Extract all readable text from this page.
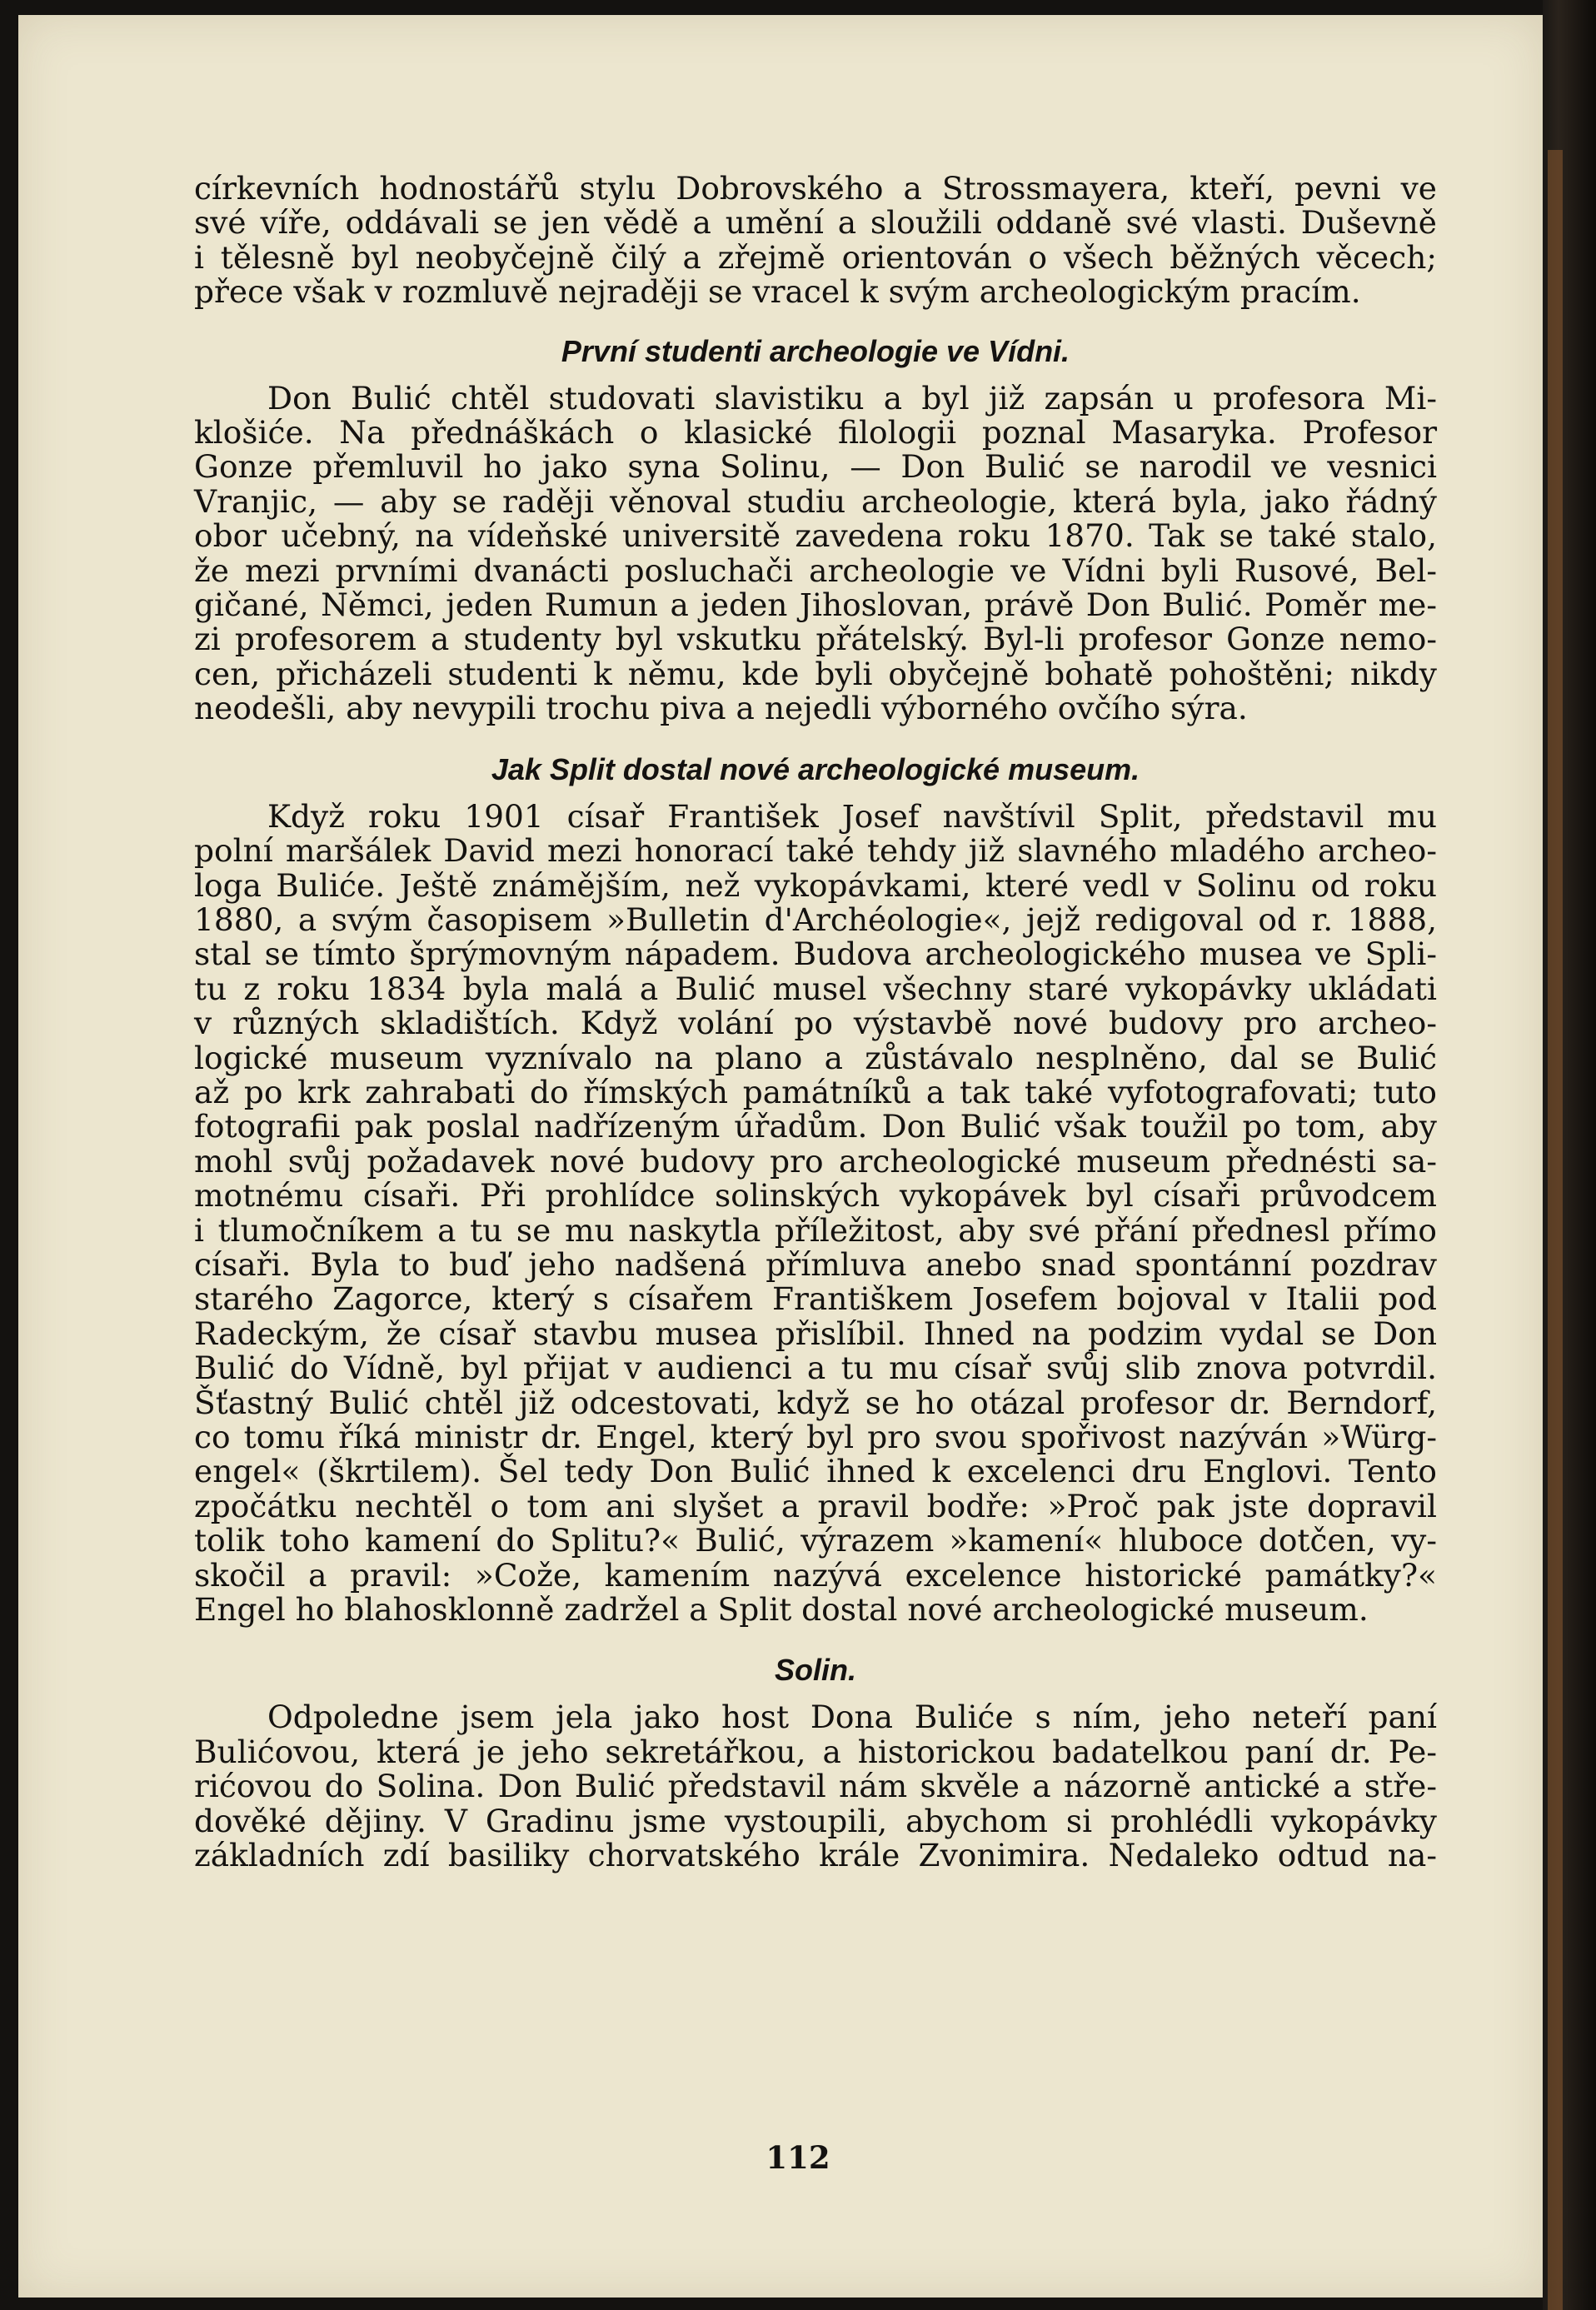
církevních hodnostářů stylu Dobrovského a Strossmayera, kteří, pevni ve
své víře, oddávali se jen vědě a umění a sloužili oddaně své vlasti. Duševně
i tělesně byl neobyčejně čilý a zřejmě orientován o všech běžných věcech;
přece však v rozmluvě nejraději se vracel k svým archeologickým pracím.

První studenti archeologie ve Vídni.

Don Bulić chtěl studovati slavistiku a byl již zapsán u profesora Mi-
klošiće. Na přednáškách o klasické filologii poznal Masaryka. Profesor
Gonze přemluvil ho jako syna Solinu, — Don Bulić se narodil ve vesnici
Vranjic, — aby se raději věnoval studiu archeologie, která byla, jako řádný
obor učebný, na vídeňské universitě zavedena roku 1870. Tak se také stalo,
že mezi prvními dvanácti posluchači archeologie ve Vídni byli Rusové, Bel-
gičané, Němci, jeden Rumun a jeden Jihoslovan, právě Don Bulić. Poměr me-
zi profesorem a studenty byl vskutku přátelský. Byl-li profesor Gonze nemo-
cen, přicházeli studenti k němu, kde byli obyčejně bohatě pohoštěni; nikdy
neodešli, aby nevypili trochu piva a nejedli výborného ovčího sýra.

Jak Split dostal nové archeologické museum.

Když roku 1901 císař František Josef navštívil Split, představil mu
polní maršálek David mezi honorací také tehdy již slavného mladého archeo-
loga Buliće. Ještě známějším, než vykopávkami, které vedl v Solinu od roku
1880, a svým časopisem »Bulletin d'Archéologie«, jejž redigoval od r. 1888,
stal se tímto šprýmovným nápadem. Budova archeologického musea ve Spli-
tu z roku 1834 byla malá a Bulić musel všechny staré vykopávky ukládati
v různých skladištích. Když volání po výstavbě nové budovy pro archeo-
logické museum vyznívalo na plano a zůstávalo nesplněno, dal se Bulić
až po krk zahrabati do římských památníků a tak také vyfotografovati; tuto
fotografii pak poslal nadřízeným úřadům. Don Bulić však toužil po tom, aby
mohl svůj požadavek nové budovy pro archeologické museum přednésti sa-
motnému císaři. Při prohlídce solinských vykopávek byl císaři průvodcem
i tlumočníkem a tu se mu naskytla příležitost, aby své přání přednesl přímo
císaři. Byla to buď jeho nadšená přímluva anebo snad spontánní pozdrav
starého Zagorce, který s císařem Františkem Josefem bojoval v Italii pod
Radeckým, že císař stavbu musea přislíbil. Ihned na podzim vydal se Don
Bulić do Vídně, byl přijat v audienci a tu mu císař svůj slib znova potvrdil.
Šťastný Bulić chtěl již odcestovati, když se ho otázal profesor dr. Berndorf,
co tomu říká ministr dr. Engel, který byl pro svou spořivost nazýván »Würg-
engel« (škrtilem). Šel tedy Don Bulić ihned k excelenci dru Englovi. Tento
zpočátku nechtěl o tom ani slyšet a pravil bodře: »Proč pak jste dopravil
tolik toho kamení do Splitu?« Bulić, výrazem »kamení« hluboce dotčen, vy-
skočil a pravil: »Cože, kamením nazývá excelence historické památky?«
Engel ho blahosklonně zadržel a Split dostal nové archeologické museum.

Solin.

Odpoledne jsem jela jako host Dona Buliće s ním, jeho neteří paní
Bulićovou, která je jeho sekretářkou, a historickou badatelkou paní dr. Pe-
rićovou do Solina. Don Bulić představil nám skvěle a názorně antické a stře-
dověké dějiny. V Gradinu jsme vystoupili, abychom si prohlédli vykopávky
základních zdí basiliky chorvatského krále Zvonimira. Nedaleko odtud na-

112
